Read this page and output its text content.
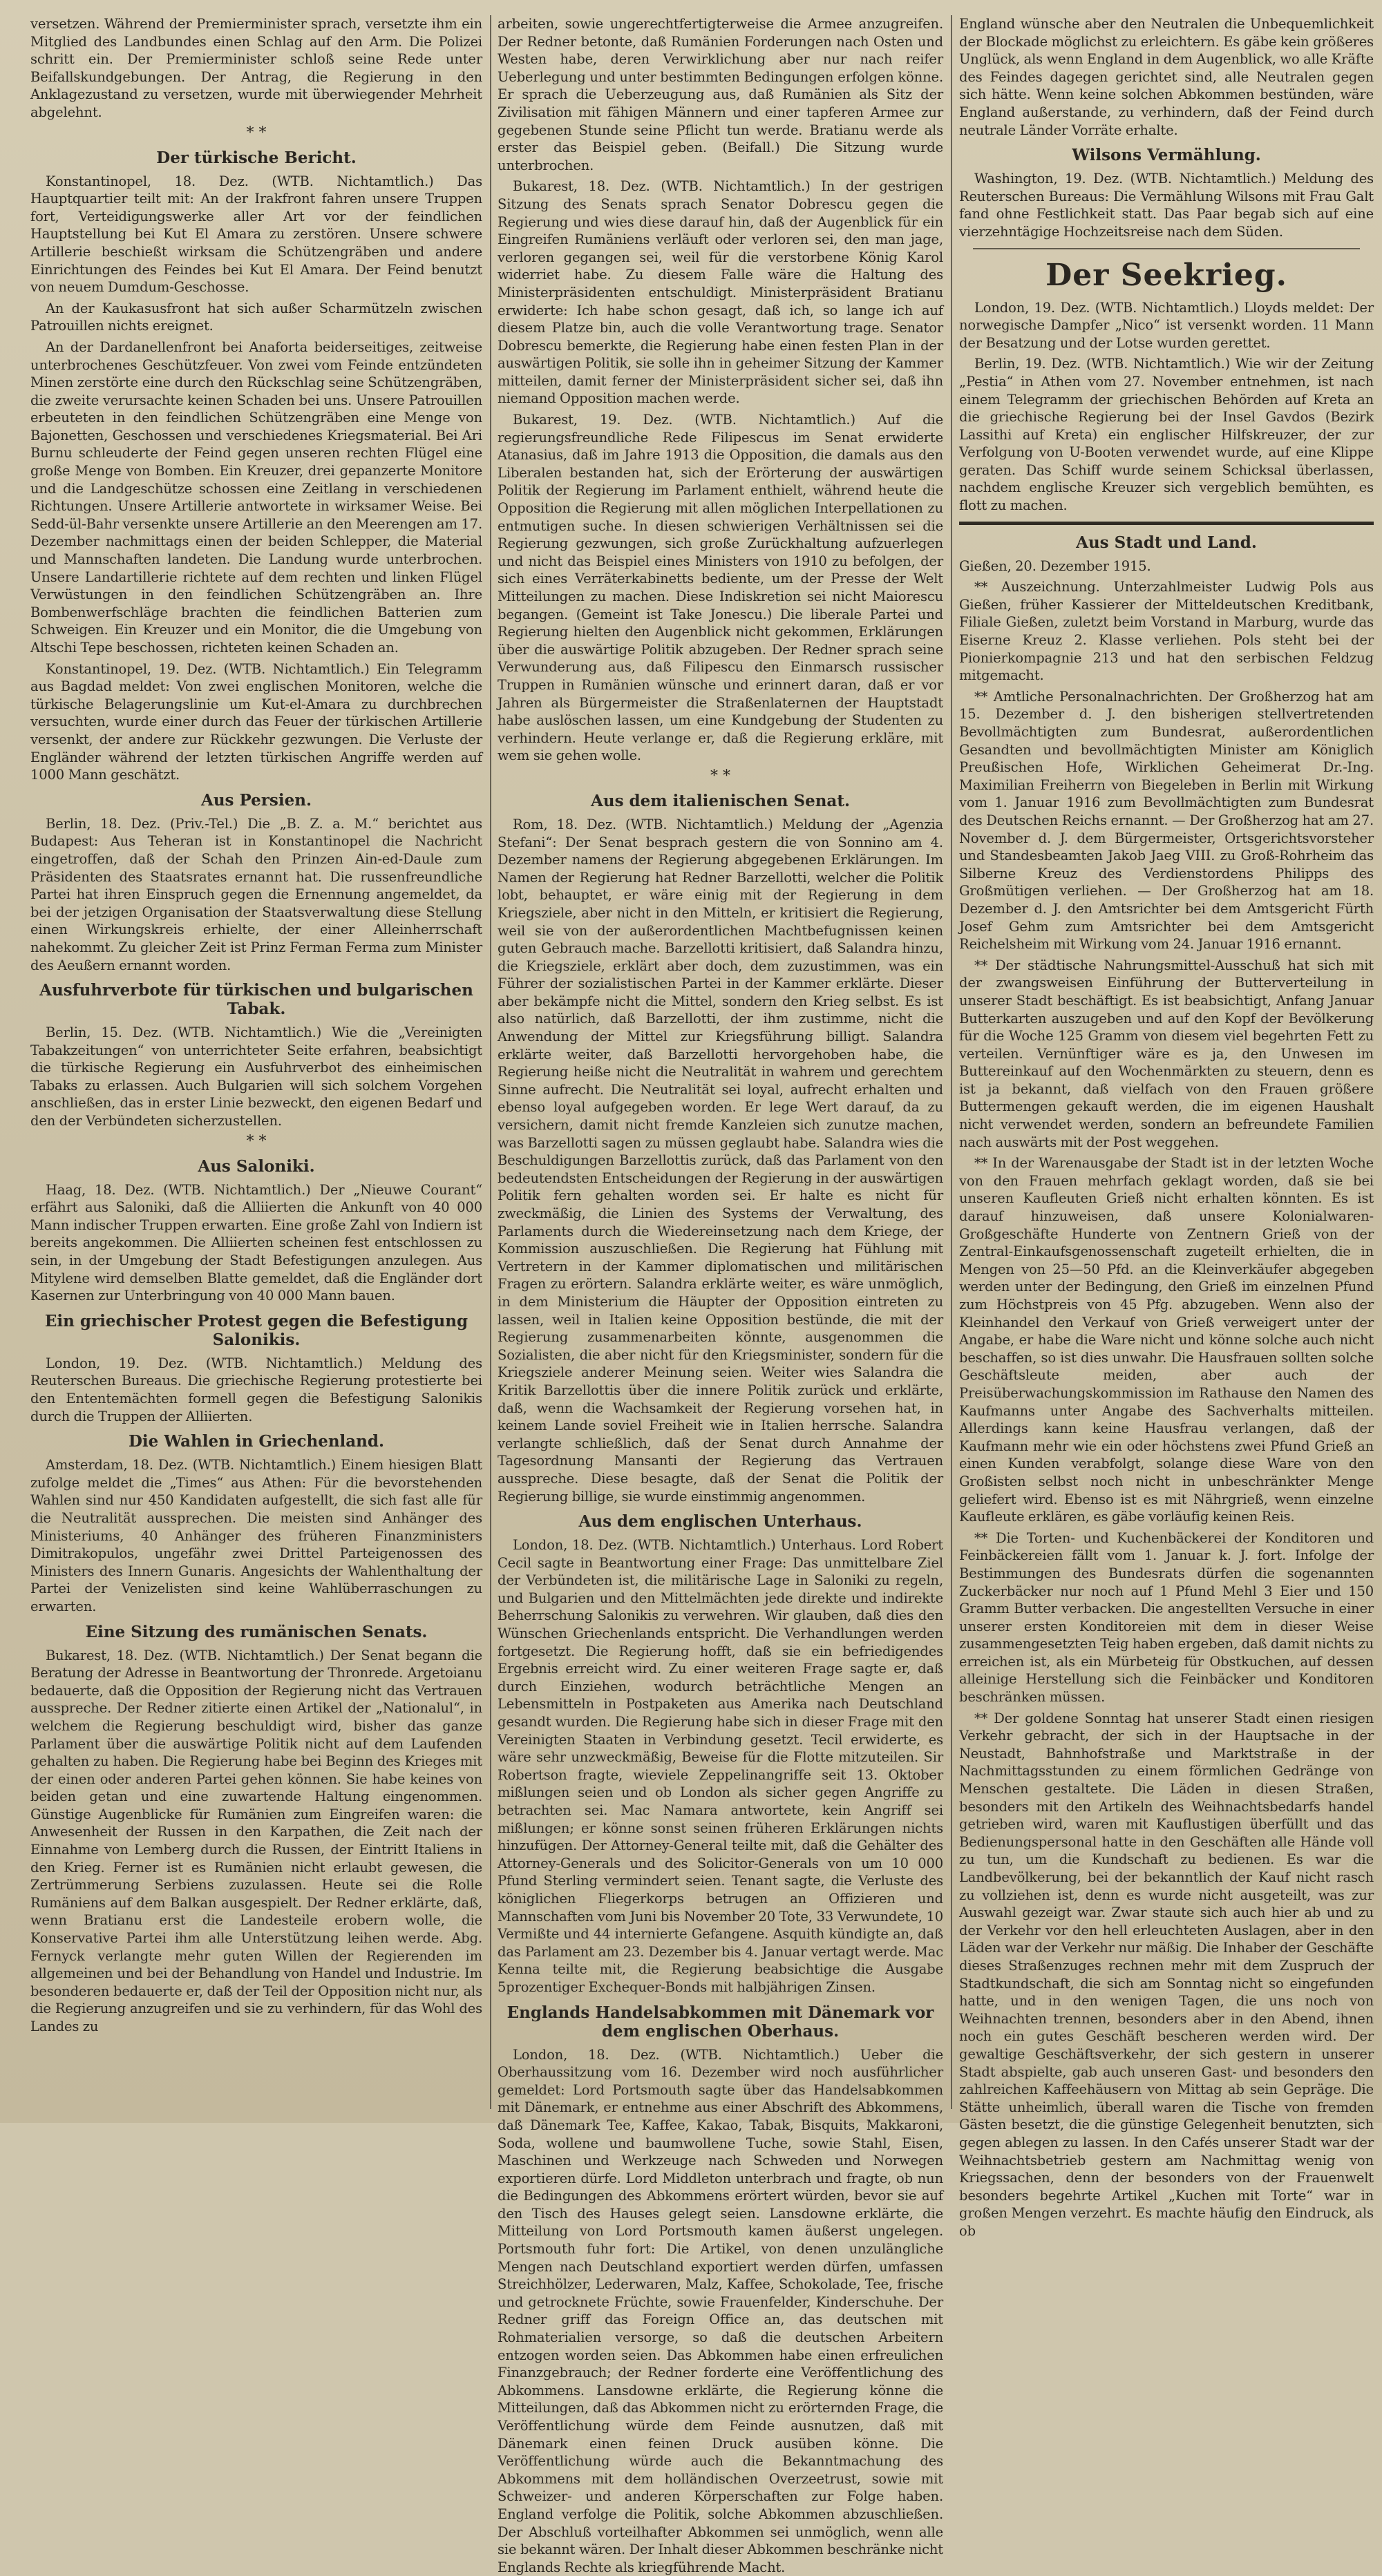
versetzen. Während der Premierminister sprach, versetzte ihm ein Mitglied des Landbundes einen Schlag auf den Arm. Die Polizei schritt ein. Der Premierminister schloß seine Rede unter Beifallskundgebungen. Der Antrag, die Regierung in den Anklagezustand zu versetzen, wurde mit überwiegender Mehrheit abgelehnt.

* *
Der türkische Bericht.

Konstantinopel, 18. Dez. (WTB. Nichtamtlich.) Das Hauptquartier teilt mit: An der Irakfront fahren unsere Truppen fort, Verteidigungswerke aller Art vor der feindlichen Hauptstellung bei Kut El Amara zu zerstören. Unsere schwere Artillerie beschießt wirksam die Schützengräben und andere Einrichtungen des Feindes bei Kut El Amara. Der Feind benutzt von neuem Dumdum-Geschosse.

An der Kaukasusfront hat sich außer Scharmützeln zwischen Patrouillen nichts ereignet.

An der Dardanellenfront bei Anaforta beiderseitiges, zeitweise unterbrochenes Geschützfeuer. Von zwei vom Feinde entzündeten Minen zerstörte eine durch den Rückschlag seine Schützengräben, die zweite verursachte keinen Schaden bei uns. Unsere Patrouillen erbeuteten in den feindlichen Schützengräben eine Menge von Bajonetten, Geschossen und verschiedenes Kriegsmaterial. Bei Ari Burnu schleuderte der Feind gegen unseren rechten Flügel eine große Menge von Bomben. Ein Kreuzer, drei gepanzerte Monitore und die Landgeschütze schossen eine Zeitlang in verschiedenen Richtungen. Unsere Artillerie antwortete in wirksamer Weise. Bei Sedd-ül-Bahr versenkte unsere Artillerie an den Meerengen am 17. Dezember nachmittags einen der beiden Schlepper, die Material und Mannschaften landeten. Die Landung wurde unterbrochen. Unsere Landartillerie richtete auf dem rechten und linken Flügel Verwüstungen in den feindlichen Schützengräben an. Ihre Bombenwerfschläge brachten die feindlichen Batterien zum Schweigen. Ein Kreuzer und ein Monitor, die die Umgebung von Altschi Tepe beschossen, richteten keinen Schaden an.

Konstantinopel, 19. Dez. (WTB. Nichtamtlich.) Ein Telegramm aus Bagdad meldet: Von zwei englischen Monitoren, welche die türkische Belagerungslinie um Kut-el-Amara zu durchbrechen versuchten, wurde einer durch das Feuer der türkischen Artillerie versenkt, der andere zur Rückkehr gezwungen. Die Verluste der Engländer während der letzten türkischen Angriffe werden auf 1000 Mann geschätzt.

Aus Persien.

Berlin, 18. Dez. (Priv.-Tel.) Die „B. Z. a. M.“ berichtet aus Budapest: Aus Teheran ist in Konstantinopel die Nachricht eingetroffen, daß der Schah den Prinzen Ain-ed-Daule zum Präsidenten des Staatsrates ernannt hat. Die russenfreundliche Partei hat ihren Einspruch gegen die Ernennung angemeldet, da bei der jetzigen Organisation der Staatsverwaltung diese Stellung einen Wirkungskreis erhielte, der einer Alleinherrschaft nahekommt. Zu gleicher Zeit ist Prinz Ferman Ferma zum Minister des Aeußern ernannt worden.

Ausfuhrverbote für türkischen und bulgarischen Tabak.

Berlin, 15. Dez. (WTB. Nichtamtlich.) Wie die „Vereinigten Tabakzeitungen“ von unterrichteter Seite erfahren, beabsichtigt die türkische Regierung ein Ausfuhrverbot des einheimischen Tabaks zu erlassen. Auch Bulgarien will sich solchem Vorgehen anschließen, das in erster Linie bezweckt, den eigenen Bedarf und den der Verbündeten sicherzustellen.

* *
Aus Saloniki.

Haag, 18. Dez. (WTB. Nichtamtlich.) Der „Nieuwe Courant“ erfährt aus Saloniki, daß die Alliierten die Ankunft von 40 000 Mann indischer Truppen erwarten. Eine große Zahl von Indiern ist bereits angekommen. Die Alliierten scheinen fest entschlossen zu sein, in der Umgebung der Stadt Befestigungen anzulegen. Aus Mitylene wird demselben Blatte gemeldet, daß die Engländer dort Kasernen zur Unterbringung von 40 000 Mann bauen.

Ein griechischer Protest gegen die Befestigung Salonikis.

London, 19. Dez. (WTB. Nichtamtlich.) Meldung des Reuterschen Bureaus. Die griechische Regierung protestierte bei den Ententemächten formell gegen die Befestigung Salonikis durch die Truppen der Alliierten.

Die Wahlen in Griechenland.

Amsterdam, 18. Dez. (WTB. Nichtamtlich.) Einem hiesigen Blatt zufolge meldet die „Times“ aus Athen: Für die bevorstehenden Wahlen sind nur 450 Kandidaten aufgestellt, die sich fast alle für die Neutralität aussprechen. Die meisten sind Anhänger des Ministeriums, 40 Anhänger des früheren Finanzministers Dimitrakopulos, ungefähr zwei Drittel Parteigenossen des Ministers des Innern Gunaris. Angesichts der Wahlenthaltung der Partei der Venizelisten sind keine Wahlüberraschungen zu erwarten.

Eine Sitzung des rumänischen Senats.

Bukarest, 18. Dez. (WTB. Nichtamtlich.) Der Senat begann die Beratung der Adresse in Beantwortung der Thronrede. Argetoianu bedauerte, daß die Opposition der Regierung nicht das Vertrauen ausspreche. Der Redner zitierte einen Artikel der „Nationalul“, in welchem die Regierung beschuldigt wird, bisher das ganze Parlament über die auswärtige Politik nicht auf dem Laufenden gehalten zu haben. Die Regierung habe bei Beginn des Krieges mit der einen oder anderen Partei gehen können. Sie habe keines von beiden getan und eine zuwartende Haltung eingenommen. Günstige Augenblicke für Rumänien zum Eingreifen waren: die Anwesenheit der Russen in den Karpathen, die Zeit nach der Einnahme von Lemberg durch die Russen, der Eintritt Italiens in den Krieg. Ferner ist es Rumänien nicht erlaubt gewesen, die Zertrümmerung Serbiens zuzulassen. Heute sei die Rolle Rumäniens auf dem Balkan ausgespielt. Der Redner erklärte, daß, wenn Bratianu erst die Landesteile erobern wolle, die Konservative Partei ihm alle Unterstützung leihen werde. Abg. Fernyck verlangte mehr guten Willen der Regierenden im allgemeinen und bei der Behandlung von Handel und Industrie. Im besonderen bedauerte er, daß der Teil der Opposition nicht nur, als die Regierung anzugreifen und sie zu verhindern, für das Wohl des Landes zu

arbeiten, sowie ungerechtfertigterweise die Armee anzugreifen. Der Redner betonte, daß Rumänien Forderungen nach Osten und Westen habe, deren Verwirklichung aber nur nach reifer Ueberlegung und unter bestimmten Bedingungen erfolgen könne. Er sprach die Ueberzeugung aus, daß Rumänien als Sitz der Zivilisation mit fähigen Männern und einer tapferen Armee zur gegebenen Stunde seine Pflicht tun werde. Bratianu werde als erster das Beispiel geben. (Beifall.) Die Sitzung wurde unterbrochen.

Bukarest, 18. Dez. (WTB. Nichtamtlich.) In der gestrigen Sitzung des Senats sprach Senator Dobrescu gegen die Regierung und wies diese darauf hin, daß der Augenblick für ein Eingreifen Rumäniens verläuft oder verloren sei, den man jage, verloren gegangen sei, weil für die verstorbene König Karol widerriet habe. Zu diesem Falle wäre die Haltung des Ministerpräsidenten entschuldigt. Ministerpräsident Bratianu erwiderte: Ich habe schon gesagt, daß ich, so lange ich auf diesem Platze bin, auch die volle Verantwortung trage. Senator Dobrescu bemerkte, die Regierung habe einen festen Plan in der auswärtigen Politik, sie solle ihn in geheimer Sitzung der Kammer mitteilen, damit ferner der Ministerpräsident sicher sei, daß ihn niemand Opposition machen werde.

Bukarest, 19. Dez. (WTB. Nichtamtlich.) Auf die regierungsfreundliche Rede Filipescus im Senat erwiderte Atanasius, daß im Jahre 1913 die Opposition, die damals aus den Liberalen bestanden hat, sich der Erörterung der auswärtigen Politik der Regierung im Parlament enthielt, während heute die Opposition die Regierung mit allen möglichen Interpellationen zu entmutigen suche. In diesen schwierigen Verhältnissen sei die Regierung gezwungen, sich große Zurückhaltung aufzuerlegen und nicht das Beispiel eines Ministers von 1910 zu befolgen, der sich eines Verräterkabinetts bediente, um der Presse der Welt Mitteilungen zu machen. Diese Indiskretion sei nicht Maiorescu begangen. (Gemeint ist Take Jonescu.) Die liberale Partei und Regierung hielten den Augenblick nicht gekommen, Erklärungen über die auswärtige Politik abzugeben. Der Redner sprach seine Verwunderung aus, daß Filipescu den Einmarsch russischer Truppen in Rumänien wünsche und erinnert daran, daß er vor Jahren als Bürgermeister die Straßenlaternen der Hauptstadt habe auslöschen lassen, um eine Kundgebung der Studenten zu verhindern. Heute verlange er, daß die Regierung erkläre, mit wem sie gehen wolle.

* *
Aus dem italienischen Senat.

Rom, 18. Dez. (WTB. Nichtamtlich.) Meldung der „Agenzia Stefani“: Der Senat besprach gestern die von Sonnino am 4. Dezember namens der Regierung abgegebenen Erklärungen. Im Namen der Regierung hat Redner Barzellotti, welcher die Politik lobt, behauptet, er wäre einig mit der Regierung in dem Kriegsziele, aber nicht in den Mitteln, er kritisiert die Regierung, weil sie von der außerordentlichen Machtbefugnissen keinen guten Gebrauch mache. Barzellotti kritisiert, daß Salandra hinzu, die Kriegsziele, erklärt aber doch, dem zuzustimmen, was ein Führer der sozialistischen Partei in der Kammer erklärte. Dieser aber bekämpfe nicht die Mittel, sondern den Krieg selbst. Es ist also natürlich, daß Barzellotti, der ihm zustimme, nicht die Anwendung der Mittel zur Kriegsführung billigt. Salandra erklärte weiter, daß Barzellotti hervorgehoben habe, die Regierung heiße nicht die Neutralität in wahrem und gerechtem Sinne aufrecht. Die Neutralität sei loyal, aufrecht erhalten und ebenso loyal aufgegeben worden. Er lege Wert darauf, da zu versichern, damit nicht fremde Kanzleien sich zunutze machen, was Barzellotti sagen zu müssen geglaubt habe. Salandra wies die Beschuldigungen Barzellottis zurück, daß das Parlament von den bedeutendsten Entscheidungen der Regierung in der auswärtigen Politik fern gehalten worden sei. Er halte es nicht für zweckmäßig, die Linien des Systems der Verwaltung, des Parlaments durch die Wiedereinsetzung nach dem Kriege, der Kommission auszuschließen. Die Regierung hat Fühlung mit Vertretern in der Kammer diplomatischen und militärischen Fragen zu erörtern. Salandra erklärte weiter, es wäre unmöglich, in dem Ministerium die Häupter der Opposition eintreten zu lassen, weil in Italien keine Opposition bestünde, die mit der Regierung zusammenarbeiten könnte, ausgenommen die Sozialisten, die aber nicht für den Kriegsminister, sondern für die Kriegsziele anderer Meinung seien. Weiter wies Salandra die Kritik Barzellottis über die innere Politik zurück und erklärte, daß, wenn die Wachsamkeit der Regierung vorsehen hat, in keinem Lande soviel Freiheit wie in Italien herrsche. Salandra verlangte schließlich, daß der Senat durch Annahme der Tagesordnung Mansanti der Regierung das Vertrauen ausspreche. Diese besagte, daß der Senat die Politik der Regierung billige, sie wurde einstimmig angenommen.

Aus dem englischen Unterhaus.

London, 18. Dez. (WTB. Nichtamtlich.) Unterhaus. Lord Robert Cecil sagte in Beantwortung einer Frage: Das unmittelbare Ziel der Verbündeten ist, die militärische Lage in Saloniki zu regeln, und Bulgarien und den Mittelmächten jede direkte und indirekte Beherrschung Salonikis zu verwehren. Wir glauben, daß dies den Wünschen Griechenlands entspricht. Die Verhandlungen werden fortgesetzt. Die Regierung hofft, daß sie ein befriedigendes Ergebnis erreicht wird. Zu einer weiteren Frage sagte er, daß durch Einziehen, wodurch beträchtliche Mengen an Lebensmitteln in Postpaketen aus Amerika nach Deutschland gesandt wurden. Die Regierung habe sich in dieser Frage mit den Vereinigten Staaten in Verbindung gesetzt. Tecil erwiderte, es wäre sehr unzweckmäßig, Beweise für die Flotte mitzuteilen. Sir Robertson fragte, wieviele Zeppelinangriffe seit 13. Oktober mißlungen seien und ob London als sicher gegen Angriffe zu betrachten sei. Mac Namara antwortete, kein Angriff sei mißlungen; er könne sonst seinen früheren Erklärungen nichts hinzufügen. Der Attorney-General teilte mit, daß die Gehälter des Attorney-Generals und des Solicitor-Generals von um 10 000 Pfund Sterling vermindert seien. Tenant sagte, die Verluste des königlichen Fliegerkorps betrugen an Offizieren und Mannschaften vom Juni bis November 20 Tote, 33 Verwundete, 10 Vermißte und 44 internierte Gefangene. Asquith kündigte an, daß das Parlament am 23. Dezember bis 4. Januar vertagt werde. Mac Kenna teilte mit, die Regierung beabsichtige die Ausgabe 5prozentiger Exchequer-Bonds mit halbjährigen Zinsen.

Englands Handelsabkommen mit Dänemark vor dem englischen Oberhaus.

London, 18. Dez. (WTB. Nichtamtlich.) Ueber die Oberhaussitzung vom 16. Dezember wird noch ausführlicher gemeldet: Lord Portsmouth sagte über das Handelsabkommen mit Dänemark, er entnehme aus einer Abschrift des Abkommens, daß Dänemark Tee, Kaffee, Kakao, Tabak, Bisquits, Makkaroni, Soda, wollene und baumwollene Tuche, sowie Stahl, Eisen, Maschinen und Werkzeuge nach Schweden und Norwegen exportieren dürfe. Lord Middleton unterbrach und fragte, ob nun die Bedingungen des Abkommens erörtert würden, bevor sie auf den Tisch des Hauses gelegt seien. Lansdowne erklärte, die Mitteilung von Lord Portsmouth kamen äußerst ungelegen. Portsmouth fuhr fort: Die Artikel, von denen unzulängliche Mengen nach Deutschland exportiert werden dürfen, umfassen Streichhölzer, Lederwaren, Malz, Kaffee, Schokolade, Tee, frische und getrocknete Früchte, sowie Frauenfelder, Kinderschuhe. Der Redner griff das Foreign Office an, das deutschen mit Rohmaterialien versorge, so daß die deutschen Arbeitern entzogen worden seien. Das Abkommen habe einen erfreulichen Finanzgebrauch; der Redner forderte eine Veröffentlichung des Abkommens. Lansdowne erklärte, die Regierung könne die Mitteilungen, daß das Abkommen nicht zu erörternden Frage, die Veröffentlichung würde dem Feinde ausnutzen, daß mit Dänemark einen feinen Druck ausüben könne. Die Veröffentlichung würde auch die Bekanntmachung des Abkommens mit dem holländischen Overzeetrust, sowie mit Schweizer- und anderen Körperschaften zur Folge haben. England verfolge die Politik, solche Abkommen abzuschließen. Der Abschluß vorteilhafter Abkommen sei unmöglich, wenn alle sie bekannt wären. Der Inhalt dieser Abkommen beschränke nicht Englands Rechte als kriegführende Macht.

England wünsche aber den Neutralen die Unbequemlichkeit der Blockade möglichst zu erleichtern. Es gäbe kein größeres Unglück, als wenn England in dem Augenblick, wo alle Kräfte des Feindes dagegen gerichtet sind, alle Neutralen gegen sich hätte. Wenn keine solchen Abkommen bestünden, wäre England außerstande, zu verhindern, daß der Feind durch neutrale Länder Vorräte erhalte.

Wilsons Vermählung.

Washington, 19. Dez. (WTB. Nichtamtlich.) Meldung des Reuterschen Bureaus: Die Vermählung Wilsons mit Frau Galt fand ohne Festlichkeit statt. Das Paar begab sich auf eine vierzehntägige Hochzeitsreise nach dem Süden.

Der Seekrieg.

London, 19. Dez. (WTB. Nichtamtlich.) Lloyds meldet: Der norwegische Dampfer „Nico“ ist versenkt worden. 11 Mann der Besatzung und der Lotse wurden gerettet.

Berlin, 19. Dez. (WTB. Nichtamtlich.) Wie wir der Zeitung „Pestia“ in Athen vom 27. November entnehmen, ist nach einem Telegramm der griechischen Behörden auf Kreta an die griechische Regierung bei der Insel Gavdos (Bezirk Lassithi auf Kreta) ein englischer Hilfskreuzer, der zur Verfolgung von U-Booten verwendet wurde, auf eine Klippe geraten. Das Schiff wurde seinem Schicksal überlassen, nachdem englische Kreuzer sich vergeblich bemühten, es flott zu machen.

Aus Stadt und Land.

Gießen, 20. Dezember 1915.

** Auszeichnung. Unterzahlmeister Ludwig Pols aus Gießen, früher Kassierer der Mitteldeutschen Kreditbank, Filiale Gießen, zuletzt beim Vorstand in Marburg, wurde das Eiserne Kreuz 2. Klasse verliehen. Pols steht bei der Pionierkompagnie 213 und hat den serbischen Feldzug mitgemacht.

** Amtliche Personalnachrichten. Der Großherzog hat am 15. Dezember d. J. den bisherigen stellvertretenden Bevollmächtigten zum Bundesrat, außerordentlichen Gesandten und bevollmächtigten Minister am Königlich Preußischen Hofe, Wirklichen Geheimerat Dr.-Ing. Maximilian Freiherrn von Biegeleben in Berlin mit Wirkung vom 1. Januar 1916 zum Bevollmächtigten zum Bundesrat des Deutschen Reichs ernannt. — Der Großherzog hat am 27. November d. J. dem Bürgermeister, Ortsgerichtsvorsteher und Standesbeamten Jakob Jaeg VIII. zu Groß-Rohrheim das Silberne Kreuz des Verdienstordens Philipps des Großmütigen verliehen. — Der Großherzog hat am 18. Dezember d. J. den Amtsrichter bei dem Amtsgericht Fürth Josef Gehm zum Amtsrichter bei dem Amtsgericht Reichelsheim mit Wirkung vom 24. Januar 1916 ernannt.

** Der städtische Nahrungsmittel-Ausschuß hat sich mit der zwangsweisen Einführung der Butterverteilung in unserer Stadt beschäftigt. Es ist beabsichtigt, Anfang Januar Butterkarten auszugeben und auf den Kopf der Bevölkerung für die Woche 125 Gramm von diesem viel begehrten Fett zu verteilen. Vernünftiger wäre es ja, den Unwesen im Buttereinkauf auf den Wochenmärkten zu steuern, denn es ist ja bekannt, daß vielfach von den Frauen größere Buttermengen gekauft werden, die im eigenen Haushalt nicht verwendet werden, sondern an befreundete Familien nach auswärts mit der Post weggehen.

** In der Warenausgabe der Stadt ist in der letzten Woche von den Frauen mehrfach geklagt worden, daß sie bei unseren Kaufleuten Grieß nicht erhalten könnten. Es ist darauf hinzuweisen, daß unsere Kolonialwaren-Großgeschäfte Hunderte von Zentnern Grieß von der Zentral-Einkaufsgenossenschaft zugeteilt erhielten, die in Mengen von 25—50 Pfd. an die Kleinverkäufer abgegeben werden unter der Bedingung, den Grieß im einzelnen Pfund zum Höchstpreis von 45 Pfg. abzugeben. Wenn also der Kleinhandel den Verkauf von Grieß verweigert unter der Angabe, er habe die Ware nicht und könne solche auch nicht beschaffen, so ist dies unwahr. Die Hausfrauen sollten solche Geschäftsleute meiden, aber auch der Preisüberwachungskommission im Rathause den Namen des Kaufmanns unter Angabe des Sachverhalts mitteilen. Allerdings kann keine Hausfrau verlangen, daß der Kaufmann mehr wie ein oder höchstens zwei Pfund Grieß an einen Kunden verabfolgt, solange diese Ware von den Großisten selbst noch nicht in unbeschränkter Menge geliefert wird. Ebenso ist es mit Nährgrieß, wenn einzelne Kaufleute erklären, es gäbe vorläufig keinen Reis.

** Die Torten- und Kuchenbäckerei der Konditoren und Feinbäckereien fällt vom 1. Januar k. J. fort. Infolge der Bestimmungen des Bundesrats dürfen die sogenannten Zuckerbäcker nur noch auf 1 Pfund Mehl 3 Eier und 150 Gramm Butter verbacken. Die angestellten Versuche in einer unserer ersten Konditoreien mit dem in dieser Weise zusammengesetzten Teig haben ergeben, daß damit nichts zu erreichen ist, als ein Mürbeteig für Obstkuchen, auf dessen alleinige Herstellung sich die Feinbäcker und Konditoren beschränken müssen.

** Der goldene Sonntag hat unserer Stadt einen riesigen Verkehr gebracht, der sich in der Hauptsache in der Neustadt, Bahnhofstraße und Marktstraße in der Nachmittagsstunden zu einem förmlichen Gedränge von Menschen gestaltete. Die Läden in diesen Straßen, besonders mit den Artikeln des Weihnachtsbedarfs handel getrieben wird, waren mit Kauflustigen überfüllt und das Bedienungspersonal hatte in den Geschäften alle Hände voll zu tun, um die Kundschaft zu bedienen. Es war die Landbevölkerung, bei der bekanntlich der Kauf nicht rasch zu vollziehen ist, denn es wurde nicht ausgeteilt, was zur Auswahl gezeigt war. Zwar staute sich auch hier ab und zu der Verkehr vor den hell erleuchteten Auslagen, aber in den Läden war der Verkehr nur mäßig. Die Inhaber der Geschäfte dieses Straßenzuges rechnen mehr mit dem Zuspruch der Stadtkundschaft, die sich am Sonntag nicht so eingefunden hatte, und in den wenigen Tagen, die uns noch von Weihnachten trennen, besonders aber in den Abend, ihnen noch ein gutes Geschäft bescheren werden wird. Der gewaltige Geschäftsverkehr, der sich gestern in unserer Stadt abspielte, gab auch unseren Gast- und besonders den zahlreichen Kaffeehäusern von Mittag ab sein Gepräge. Die Stätte unheimlich, überall waren die Tische von fremden Gästen besetzt, die die günstige Gelegenheit benutzten, sich gegen ablegen zu lassen. In den Cafés unserer Stadt war der Weihnachtsbetrieb gestern am Nachmittag wenig von Kriegssachen, denn der besonders von der Frauenwelt besonders begehrte Artikel „Kuchen mit Torte“ war in großen Mengen verzehrt. Es machte häufig den Eindruck, als ob
